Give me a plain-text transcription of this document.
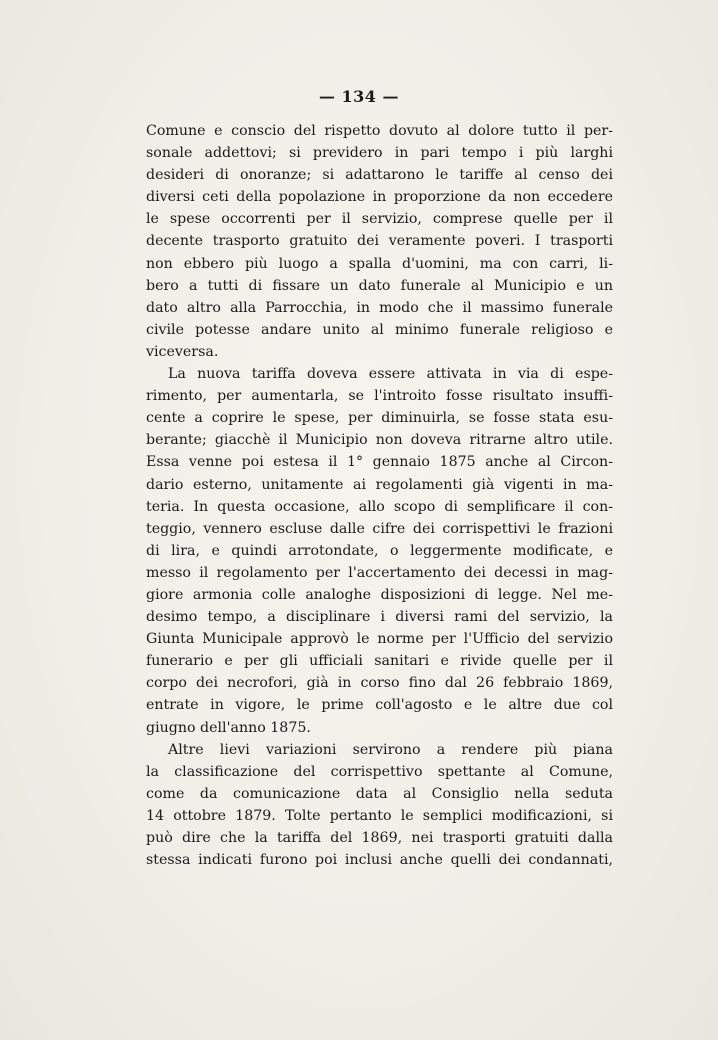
— 134 —
Comune e conscio del rispetto dovuto al dolore tutto il per-
sonale addettovi; si previdero in pari tempo i più larghi
desideri di onoranze; si adattarono le tariffe al censo dei
diversi ceti della popolazione in proporzione da non eccedere
le spese occorrenti per il servizio, comprese quelle per il
decente trasporto gratuito dei veramente poveri. I trasporti
non ebbero più luogo a spalla d'uomini, ma con carri, li-
bero a tutti di fissare un dato funerale al Municipio e un
dato altro alla Parrocchia, in modo che il massimo funerale
civile potesse andare unito al minimo funerale religioso e
viceversa.
La nuova tariffa doveva essere attivata in via di espe-
rimento, per aumentarla, se l'introito fosse risultato insuffi-
cente a coprire le spese, per diminuirla, se fosse stata esu-
berante; giacchè il Municipio non doveva ritrarne altro utile.
Essa venne poi estesa il 1° gennaio 1875 anche al Circon-
dario esterno, unitamente ai regolamenti già vigenti in ma-
teria. In questa occasione, allo scopo di semplificare il con-
teggio, vennero escluse dalle cifre dei corrispettivi le frazioni
di lira, e quindi arrotondate, o leggermente modificate, e
messo il regolamento per l'accertamento dei decessi in mag-
giore armonia colle analoghe disposizioni di legge. Nel me-
desimo tempo, a disciplinare i diversi rami del servizio, la
Giunta Municipale approvò le norme per l'Ufficio del servizio
funerario e per gli ufficiali sanitari e rivide quelle per il
corpo dei necrofori, già in corso fino dal 26 febbraio 1869,
entrate in vigore, le prime coll'agosto e le altre due col
giugno dell'anno 1875.
Altre lievi variazioni servirono a rendere più piana
la classificazione del corrispettivo spettante al Comune,
come da comunicazione data al Consiglio nella seduta
14 ottobre 1879. Tolte pertanto le semplici modificazioni, si
può dire che la tariffa del 1869, nei trasporti gratuiti dalla
stessa indicati furono poi inclusi anche quelli dei condannati,
